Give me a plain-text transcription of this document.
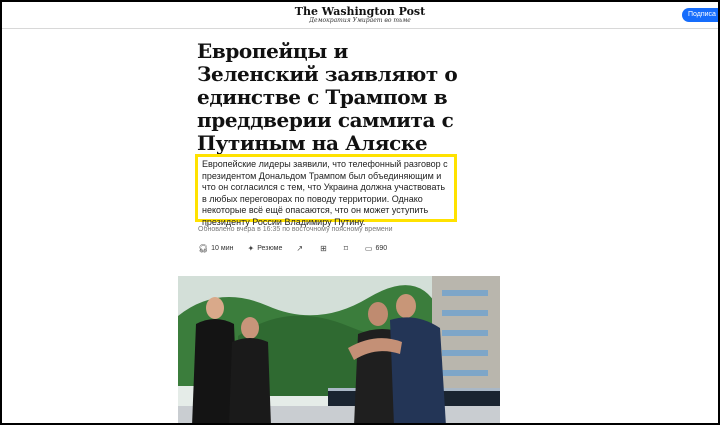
The Washington Post
Демократия Умирает во тьме
Подписа
Европейцы и Зеленский заявляют о единстве с Трампом в преддверии саммита с Путиным на Аляске
Европейские лидеры заявили, что телефонный разговор с президентом Дональдом Трампом был объединяющим и что он согласился с тем, что Украина должна участвовать в любых переговорах по поводу территории. Однако некоторые всё ещё опасаются, что он может уступить президенту России Владимиру Путину.
Обновлено вчера в 16:35 по восточному поясному времени
🎧︎ 10 мин ✦ Резюме ↗ ⊞ ⌑ ▭ 690
